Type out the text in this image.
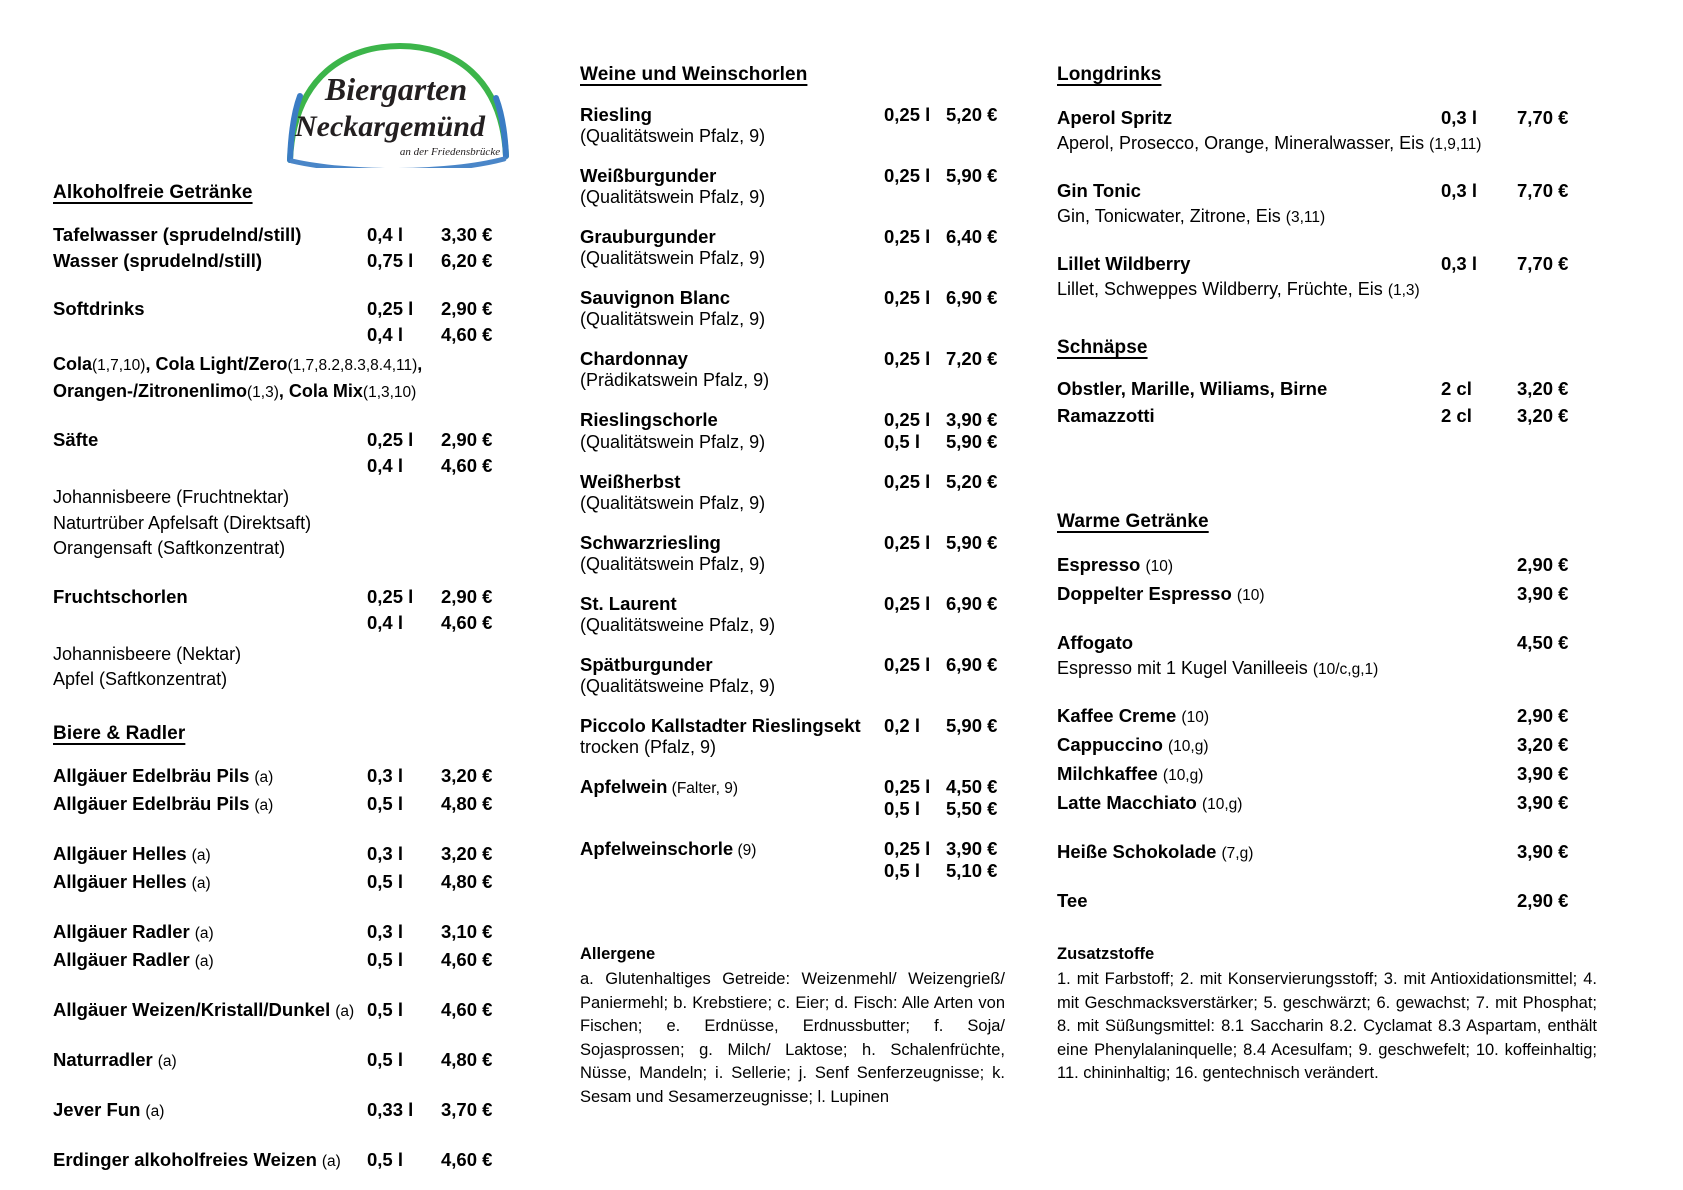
Biergarten
Neckargemünd
an der Friedensbrücke
Alkoholfreie Getränke
Tafelwasser (sprudelnd/still)	0,4 l	3,30 €
Wasser (sprudelnd/still)	0,75 l	6,20 €
Softdrinks	0,25 l	2,90 €
0,4 l	4,60 €
Cola(1,7,10), Cola Light/Zero(1,7,8.2,8.3,8.4,11),
Orangen-/Zitronenlimo(1,3), Cola Mix(1,3,10)
Säfte	0,25 l	2,90 €
0,4 l	4,60 €
Johannisbeere (Fruchtnektar)
Naturtrüber Apfelsaft (Direktsaft)
Orangensaft (Saftkonzentrat)
Fruchtschorlen	0,25 l	2,90 €
0,4 l	4,60 €
Johannisbeere (Nektar)
Apfel (Saftkonzentrat)
Biere & Radler
Allgäuer Edelbräu Pils (a)	0,3 l	3,20 €
Allgäuer Edelbräu Pils (a)	0,5 l	4,80 €
Allgäuer Helles (a)	0,3 l	3,20 €
Allgäuer Helles (a)	0,5 l	4,80 €
Allgäuer Radler (a)	0,3 l	3,10 €
Allgäuer Radler (a)	0,5 l	4,60 €
Allgäuer Weizen/Kristall/Dunkel (a) 0,5 l	4,60 €
Naturradler (a)	0,5 l	4,80 €
Jever Fun (a)	0,33 l	3,70 €
Erdinger alkoholfreies Weizen (a) 0,5 l	4,60 €
Weine und Weinschorlen
Riesling	0,25 l 5,20 €
(Qualitätswein Pfalz, 9)
Weißburgunder	0,25 l 5,90 €
(Qualitätswein Pfalz, 9)
Grauburgunder	0,25 l 6,40 €
(Qualitätswein Pfalz, 9)
Sauvignon Blanc	0,25 l 6,90 €
(Qualitätswein Pfalz, 9)
Chardonnay	0,25 l 7,20 €
(Prädikatswein Pfalz, 9)
Rieslingschorle	0,25 l 3,90 €
(Qualitätswein Pfalz, 9)	0,5 l	5,90 €
Weißherbst	0,25 l 5,20 €
(Qualitätswein Pfalz, 9)
Schwarzriesling	0,25 l 5,90 €
(Qualitätswein Pfalz, 9)
St. Laurent	0,25 l 6,90 €
(Qualitätsweine Pfalz, 9)
Spätburgunder	0,25 l 6,90 €
(Qualitätsweine Pfalz, 9)
Piccolo Kallstadter Rieslingsekt 0,2 l	5,90 €
trocken (Pfalz, 9)
Apfelwein (Falter, 9)	0,25 l 4,50 €
0,5 l	5,50 €
Apfelweinschorle (9)	0,25 l 3,90 €
0,5 l	5,10 €
Longdrinks
Aperol Spritz	0,3 l	7,70 €
Aperol, Prosecco, Orange, Mineralwasser, Eis (1,9,11)
Gin Tonic	0,3 l	7,70 €
Gin, Tonicwater, Zitrone, Eis (3,11)
Lillet Wildberry	0,3 l	7,70 €
Lillet, Schweppes Wildberry, Früchte, Eis (1,3)
Schnäpse
Obstler, Marille, Wiliams, Birne	2 cl	3,20 €
Ramazzotti	2 cl	3,20 €
Warme Getränke
Espresso (10)	2,90 €
Doppelter Espresso (10)	3,90 €
Affogato	4,50 €
Espresso mit 1 Kugel Vanilleeis (10/c,g,1)
Kaffee Creme (10)	2,90 €
Cappuccino (10,g)	3,20 €
Milchkaffee (10,g)	3,90 €
Latte Macchiato (10,g)	3,90 €
Heiße Schokolade (7,g)	3,90 €
Tee	2,90 €
Allergene
a. Glutenhaltiges Getreide: Weizenmehl/ Weizengrieß/ Paniermehl; b. Krebstiere; c. Eier; d. Fisch: Alle Arten von Fischen; e. Erdnüsse, Erdnussbutter; f. Soja/ Sojasprossen; g. Milch/ Laktose; h. Schalenfrüchte, Nüsse, Mandeln; i. Sellerie; j. Senf Senferzeugnisse; k. Sesam und Sesamerzeugnisse; l. Lupinen
Zusatzstoffe
1. mit Farbstoff; 2. mit Konservierungsstoff; 3. mit Antioxidationsmittel; 4. mit Geschmacksverstärker; 5. geschwärzt; 6. gewachst; 7. mit Phosphat; 8. mit Süßungsmittel: 8.1 Saccharin 8.2. Cyclamat 8.3 Aspartam, enthält eine Phenylalaninquelle; 8.4 Acesulfam; 9. geschwefelt; 10. koffeinhaltig; 11. chininhaltig; 16. gentechnisch verändert.
